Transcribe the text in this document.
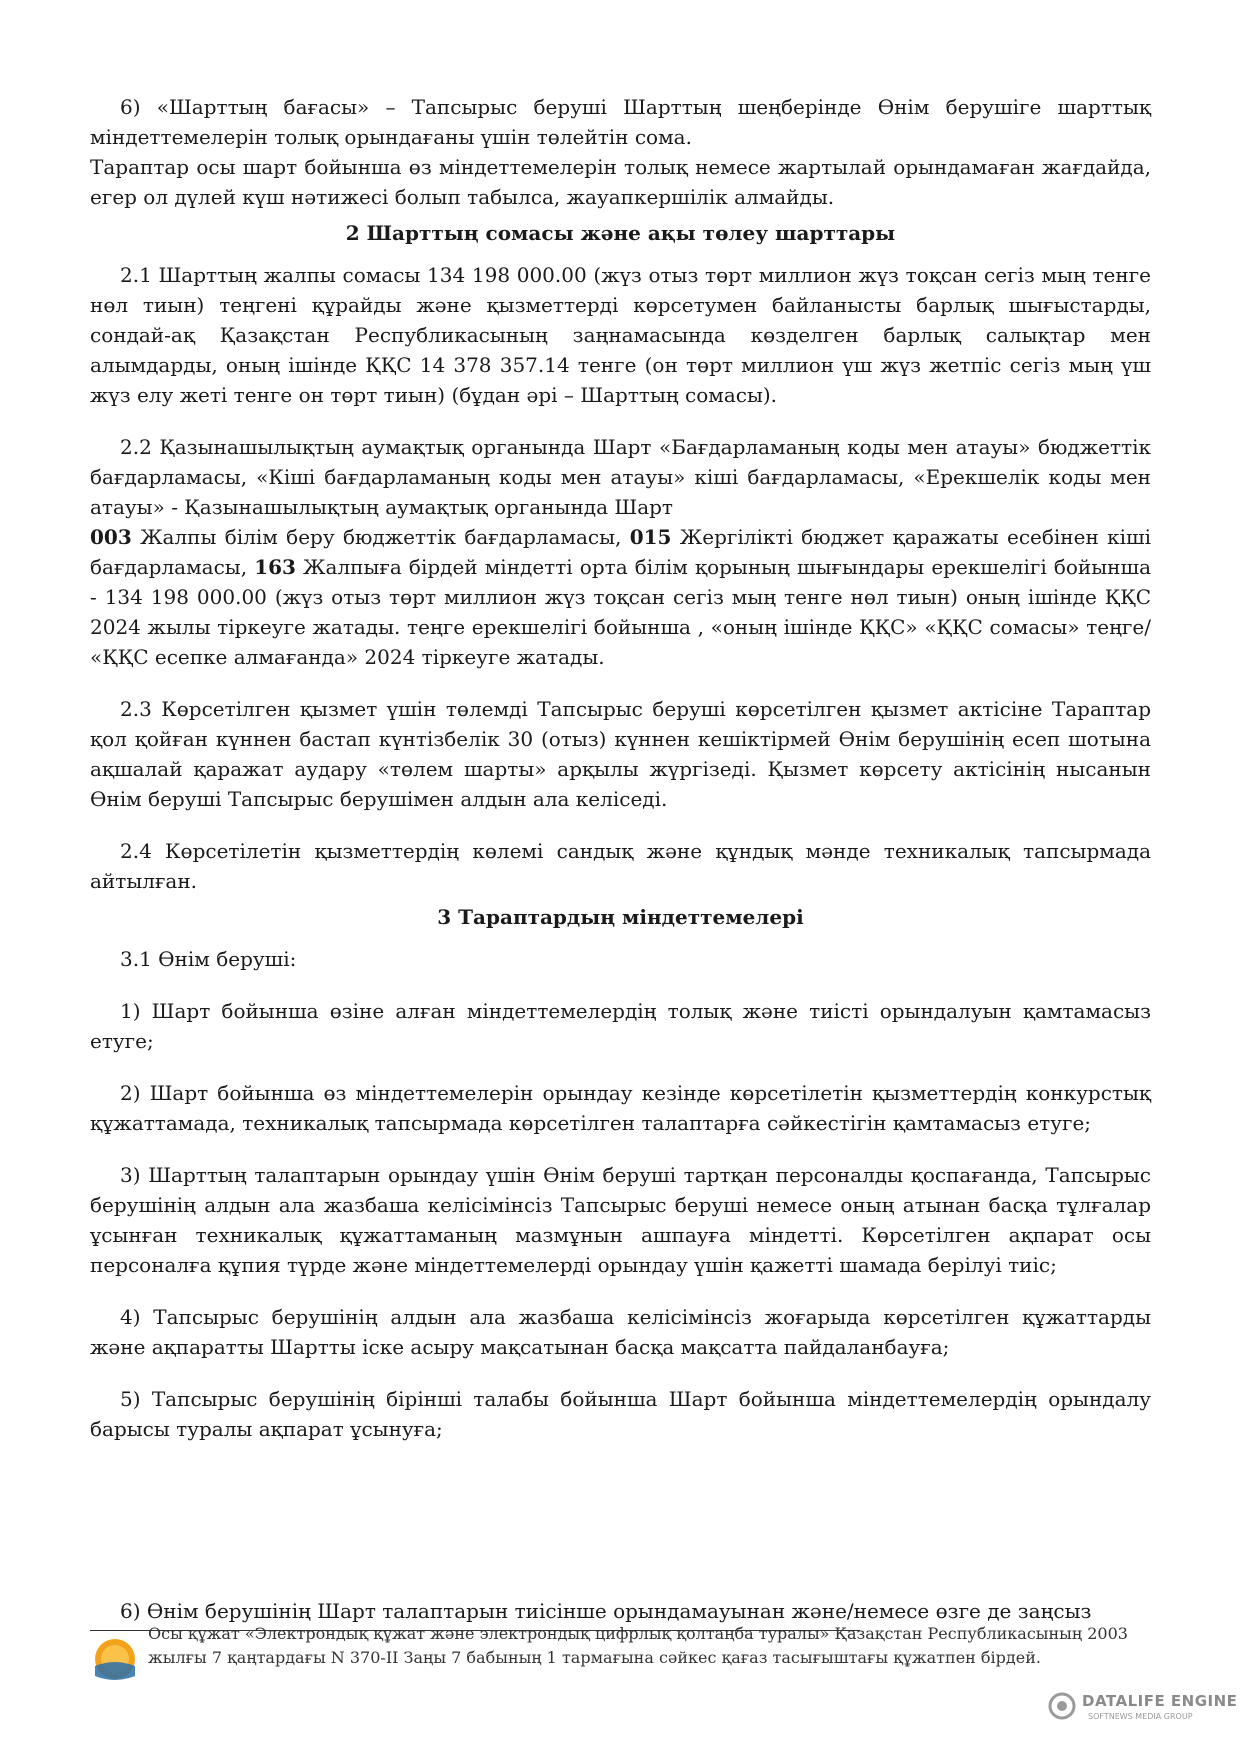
6) «Шарттың бағасы» – Тапсырыс беруші Шарттың шеңберінде Өнім берушіге шарттық міндеттемелерін толық орындағаны үшін төлейтін сома.

Тараптар осы шарт бойынша өз міндеттемелерін толық немесе жартылай орындамаған жағдайда, егер ол дүлей күш нәтижесі болып табылса, жауапкершілік алмайды.

2 Шарттың сомасы және ақы төлеу шарттары

2.1 Шарттың жалпы сомасы 134 198 000.00 (жүз отыз төрт миллион жүз тоқсан сегіз мың тенге нөл тиын) теңгені құрайды және қызметтерді көрсетумен байланысты барлық шығыстарды, сондай-ақ Қазақстан Республикасының заңнамасында көзделген барлық салықтар мен алымдарды, оның ішінде ҚҚС 14 378 357.14 тенге (он төрт миллион үш жүз жетпіс сегіз мың үш жүз елу жеті тенге он төрт тиын) (бұдан әрі – Шарттың сомасы).

2.2 Қазынашылықтың аумақтық органында Шарт «Бағдарламаның коды мен атауы» бюджеттік бағдарламасы, «Кіші бағдарламаның коды мен атауы» кіші бағдарламасы, «Ерекшелік коды мен атауы» - Қазынашылықтың аумақтық органында Шарт
003 Жалпы білім беру бюджеттік бағдарламасы, 015 Жергілікті бюджет қаражаты есебінен кіші бағдарламасы, 163 Жалпыға бірдей міндетті орта білім қорының шығындары ерекшелігі бойынша - 134 198 000.00 (жүз отыз төрт миллион жүз тоқсан сегіз мың тенге нөл тиын) оның ішінде ҚҚС 2024 жылы тіркеуге жатады. теңге ерекшелігі бойынша , «оның ішінде ҚҚС» «ҚҚС сомасы» теңге/ «ҚҚС есепке алмағанда» 2024 тіркеуге жатады.

2.3 Көрсетілген қызмет үшін төлемді Тапсырыс беруші көрсетілген қызмет актісіне Тараптар қол қойған күннен бастап күнтізбелік 30 (отыз) күннен кешіктірмей Өнім берушінің есеп шотына ақшалай қаражат аудару «төлем шарты» арқылы жүргізеді. Қызмет көрсету актісінің нысанын Өнім беруші Тапсырыс берушімен алдын ала келіседі.

2.4 Көрсетілетін қызметтердің көлемі сандық және құндық мәнде техникалық тапсырмада айтылған.

3 Тараптардың міндеттемелері

3.1 Өнім беруші:

1) Шарт бойынша өзіне алған міндеттемелердің толық және тиісті орындалуын қамтамасыз етуге;

2) Шарт бойынша өз міндеттемелерін орындау кезінде көрсетілетін қызметтердің конкурстық құжаттамада, техникалық тапсырмада көрсетілген талаптарға сәйкестігін қамтамасыз етуге;

3) Шарттың талаптарын орындау үшін Өнім беруші тартқан персоналды қоспағанда, Тапсырыс берушінің алдын ала жазбаша келісімінсіз Тапсырыс беруші немесе оның атынан басқа тұлғалар ұсынған техникалық құжаттаманың мазмұнын ашпауға міндетті. Көрсетілген ақпарат осы персоналға құпия түрде және міндеттемелерді орындау үшін қажетті шамада берілуі тиіс;

4) Тапсырыс берушінің алдын ала жазбаша келісімінсіз жоғарыда көрсетілген құжаттарды және ақпаратты Шартты іске асыру мақсатынан басқа мақсатта пайдаланбауға;

5) Тапсырыс берушінің бірінші талабы бойынша Шарт бойынша міндеттемелердің орындалу барысы туралы ақпарат ұсынуға;

6) Өнім берушінің Шарт талаптарын тиісінше орындамауынан және/немесе өзге де заңсыз

Осы құжат «Электрондық құжат және электрондық цифрлық қолтаңба туралы» Қазақстан Республикасының 2003 жылғы 7 қаңтардағы N 370-II Заңы 7 бабының 1 тармағына сәйкес қағаз тасығыштағы құжатпен бірдей.
DATALIFE ENGINE
SOFTNEWS MEDIA GROUP
